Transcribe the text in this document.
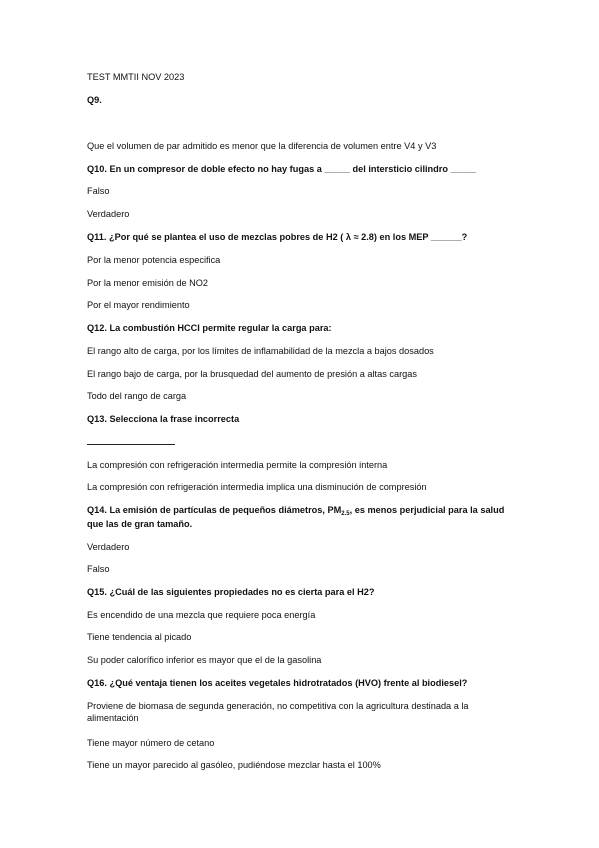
TEST MMTII NOV 2023
Q9.
Que el volumen de par admitido es menor que la diferencia de volumen entre V4 y V3
Q10. En un compresor de doble efecto no hay fugas a _____ del intersticio cilindro _____
Falso
Verdadero
Q11. ¿Por qué se plantea el uso de mezclas pobres de H2 ( λ ≈ 2.8) en los MEP ______?
Por la menor potencia especifica
Por la menor emisión de NO2
Por el mayor rendimiento
Q12. La combustión HCCI permite regular la carga para:
El rango alto de carga, por los límites de inflamabilidad de la mezcla a bajos dosados
El rango bajo de carga, por la brusquedad del aumento de presión a altas cargas
Todo del rango de carga
Q13. Selecciona la frase incorrecta
La compresión con refrigeración intermedia permite la compresión interna
La compresión con refrigeración intermedia implica una disminución de compresión
Q14. La emisión de partículas de pequeños diámetros, $PM_{2.5}$, es menos perjudicial para la salud que las de gran tamaño.
Verdadero
Falso
Q15. ¿Cuál de las siguientes propiedades no es cierta para el H2?
Es encendido de una mezcla que requiere poca energía
Tiene tendencia al picado
Su poder calorífico inferior es mayor que el de la gasolina
Q16. ¿Qué ventaja tienen los aceites vegetales hidrotratados (HVO) frente al biodiesel?
Proviene de biomasa de segunda generación, no competitiva con la agricultura destinada a la alimentación
Tiene mayor número de cetano
Tiene un mayor parecido al gasóleo, pudiéndose mezclar hasta el 100%
